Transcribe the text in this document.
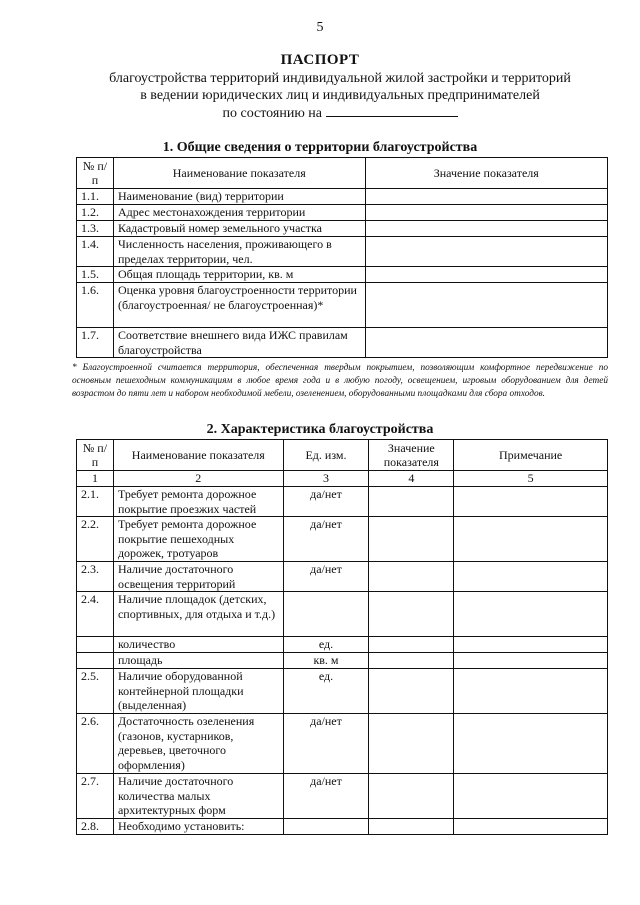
5
ПАСПОРТ
благоустройства территорий индивидуальной жилой застройки и территорий
в ведении юридических лиц и индивидуальных предпринимателей
по состоянию на
1. Общие сведения о территории благоустройства
№ п/п	Наименование показателя	Значение показателя
1.1.	Наименование (вид) территории	
1.2.	Адрес местонахождения территории	
1.3.	Кадастровый номер земельного участка	
1.4.	Численность населения, проживающего в пределах территории, чел.	
1.5.	Общая площадь территории, кв. м	
1.6.	Оценка уровня благоустроенности территории (благоустроенная/ не благоустроенная)*	
1.7.	Соответствие внешнего вида ИЖС правилам благоустройства	
* Благоустроенной считается территория, обеспеченная твердым покрытием, позволяющим комфортное передвижение по основным пешеходным коммуникациям в любое время года и в любую погоду, освещением, игровым оборудованием для детей возрастом до пяти лет и набором необходимой мебели, озеленением, оборудованными площадками для сбора отходов.
2. Характеристика благоустройства
№ п/п	Наименование показателя	Ед. изм.	Значение показателя	Примечание
1	2	3	4	5
2.1.	Требует ремонта дорожное покрытие проезжих частей	да/нет		
2.2.	Требует ремонта дорожное покрытие пешеходных дорожек, тротуаров	да/нет		
2.3.	Наличие достаточного освещения территорий	да/нет		
2.4.	Наличие площадок (детских, спортивных, для отдыха и т.д.)			
	количество	ед.		
	площадь	кв. м		
2.5.	Наличие оборудованной контейнерной площадки (выделенная)	ед.		
2.6.	Достаточность озеленения (газонов, кустарников, деревьев, цветочного оформления)	да/нет		
2.7.	Наличие достаточного количества малых архитектурных форм	да/нет		
2.8.	Необходимо установить:			
